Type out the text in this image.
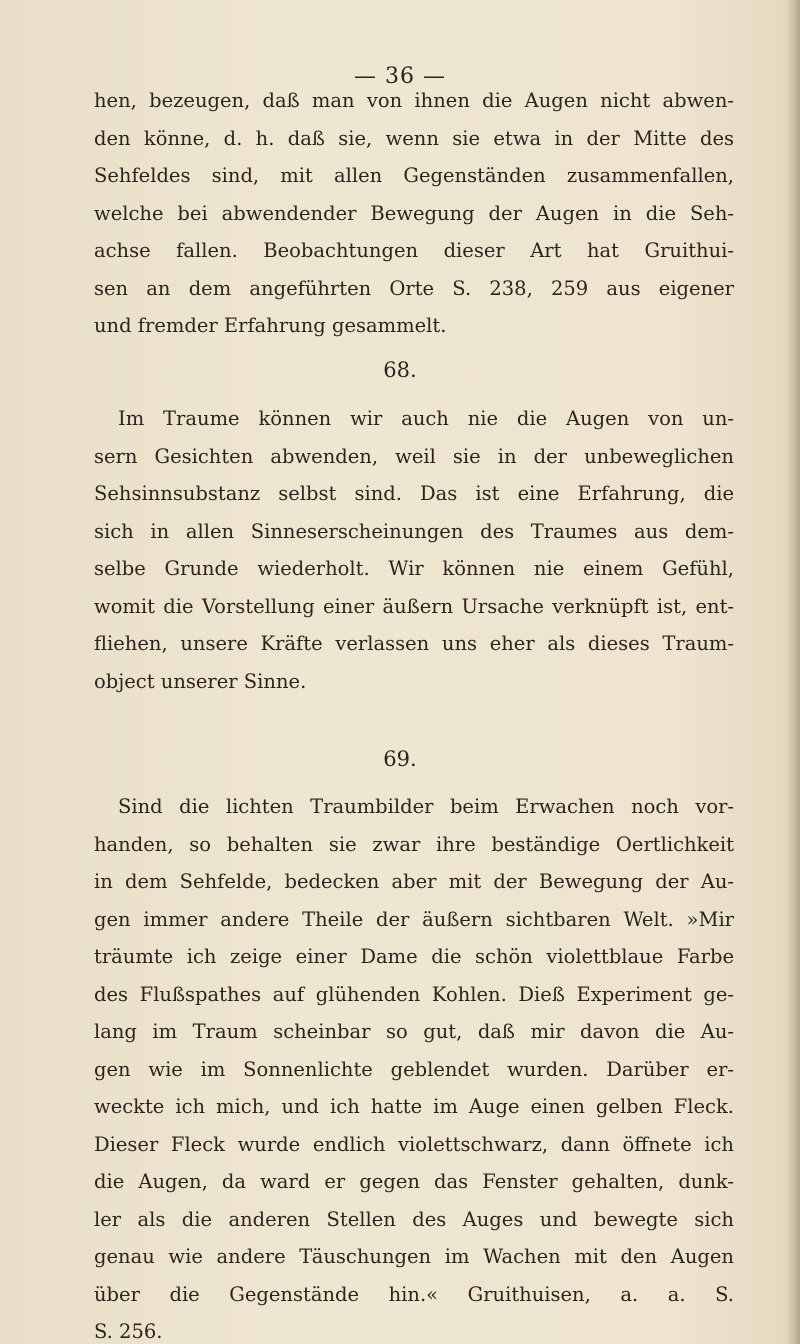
— 36 —
hen, bezeugen, daß man von ihnen die Augen nicht abwen-
den könne, d. h. daß sie, wenn sie etwa in der Mitte des
Sehfeldes sind, mit allen Gegenständen zusammenfallen,
welche bei abwendender Bewegung der Augen in die Seh-
achse fallen. Beobachtungen dieser Art hat Gruithui-
sen an dem angeführten Orte S. 238, 259 aus eigener
und fremder Erfahrung gesammelt.
68.
Im Traume können wir auch nie die Augen von un-
sern Gesichten abwenden, weil sie in der unbeweglichen
Sehsinnsubstanz selbst sind. Das ist eine Erfahrung, die
sich in allen Sinneserscheinungen des Traumes aus dem-
selbe Grunde wiederholt. Wir können nie einem Gefühl,
womit die Vorstellung einer äußern Ursache verknüpft ist, ent-
fliehen, unsere Kräfte verlassen uns eher als dieses Traum-
object unserer Sinne.
69.
Sind die lichten Traumbilder beim Erwachen noch vor-
handen, so behalten sie zwar ihre beständige Oertlichkeit
in dem Sehfelde, bedecken aber mit der Bewegung der Au-
gen immer andere Theile der äußern sichtbaren Welt. »Mir
träumte ich zeige einer Dame die schön violettblaue Farbe
des Flußspathes auf glühenden Kohlen. Dieß Experiment ge-
lang im Traum scheinbar so gut, daß mir davon die Au-
gen wie im Sonnenlichte geblendet wurden. Darüber er-
weckte ich mich, und ich hatte im Auge einen gelben Fleck.
Dieser Fleck wurde endlich violettschwarz, dann öffnete ich
die Augen, da ward er gegen das Fenster gehalten, dunk-
ler als die anderen Stellen des Auges und bewegte sich
genau wie andere Täuschungen im Wachen mit den Augen
über die Gegenstände hin.« Gruithuisen, a. a. S.
S. 256.
